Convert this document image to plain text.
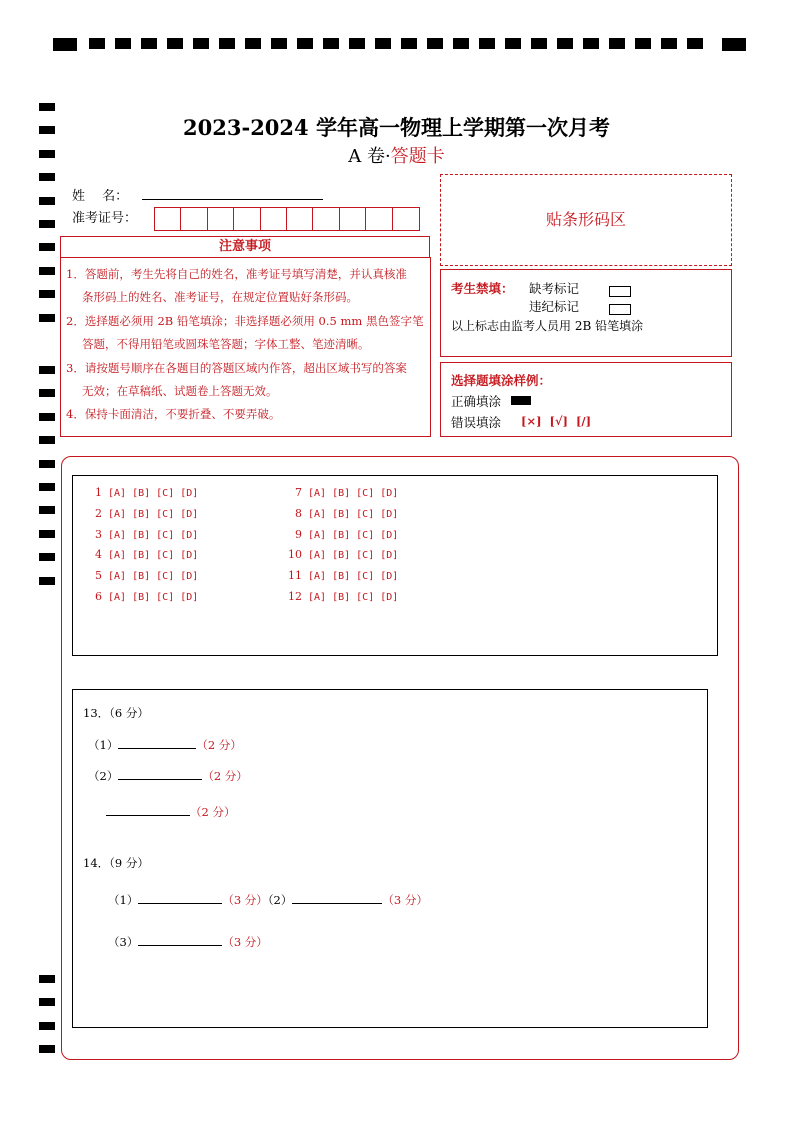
2023-2024 学年高一物理上学期第一次月考
A 卷·答题卡
姓　 名：
准考证号：	贴条形码区
注意事项
1．答题前，考生先将自己的姓名，准考证号填写清楚，并认真核准
条形码上的姓名、准考证号，在规定位置贴好条形码。
2．选择题必须用 2B 铅笔填涂；非选择题必须用 0.5 mm 黑色签字笔
答题，不得用铅笔或圆珠笔答题；字体工整、笔迹清晰。
3．请按题号顺序在各题目的答题区域内作答，超出区域书写的答案
无效；在草稿纸、试题卷上答题无效。
4．保持卡面清洁，不要折叠、不要弄破。
考生禁填： 缺考标记
违纪标记
以上标志由监考人员用 2B 铅笔填涂
选择题填涂样例：
正确填涂
错误填涂 [×]  [√]  [/]
1 [A] [B] [C] [D]
2 [A] [B] [C] [D]
3 [A] [B] [C] [D]
4 [A] [B] [C] [D]
5 [A] [B] [C] [D]
6 [A] [B] [C] [D]
7 [A] [B] [C] [D]
8 [A] [B] [C] [D]
9 [A] [B] [C] [D]
10 [A] [B] [C] [D]
11 [A] [B] [C] [D]
12 [A] [B] [C] [D]
13．（6 分）
（1）	（2 分）
（2）	（2 分）
（2 分）
14．（9 分）
（1）	（3 分）（2）	（3 分）
（3）	（3 分）
